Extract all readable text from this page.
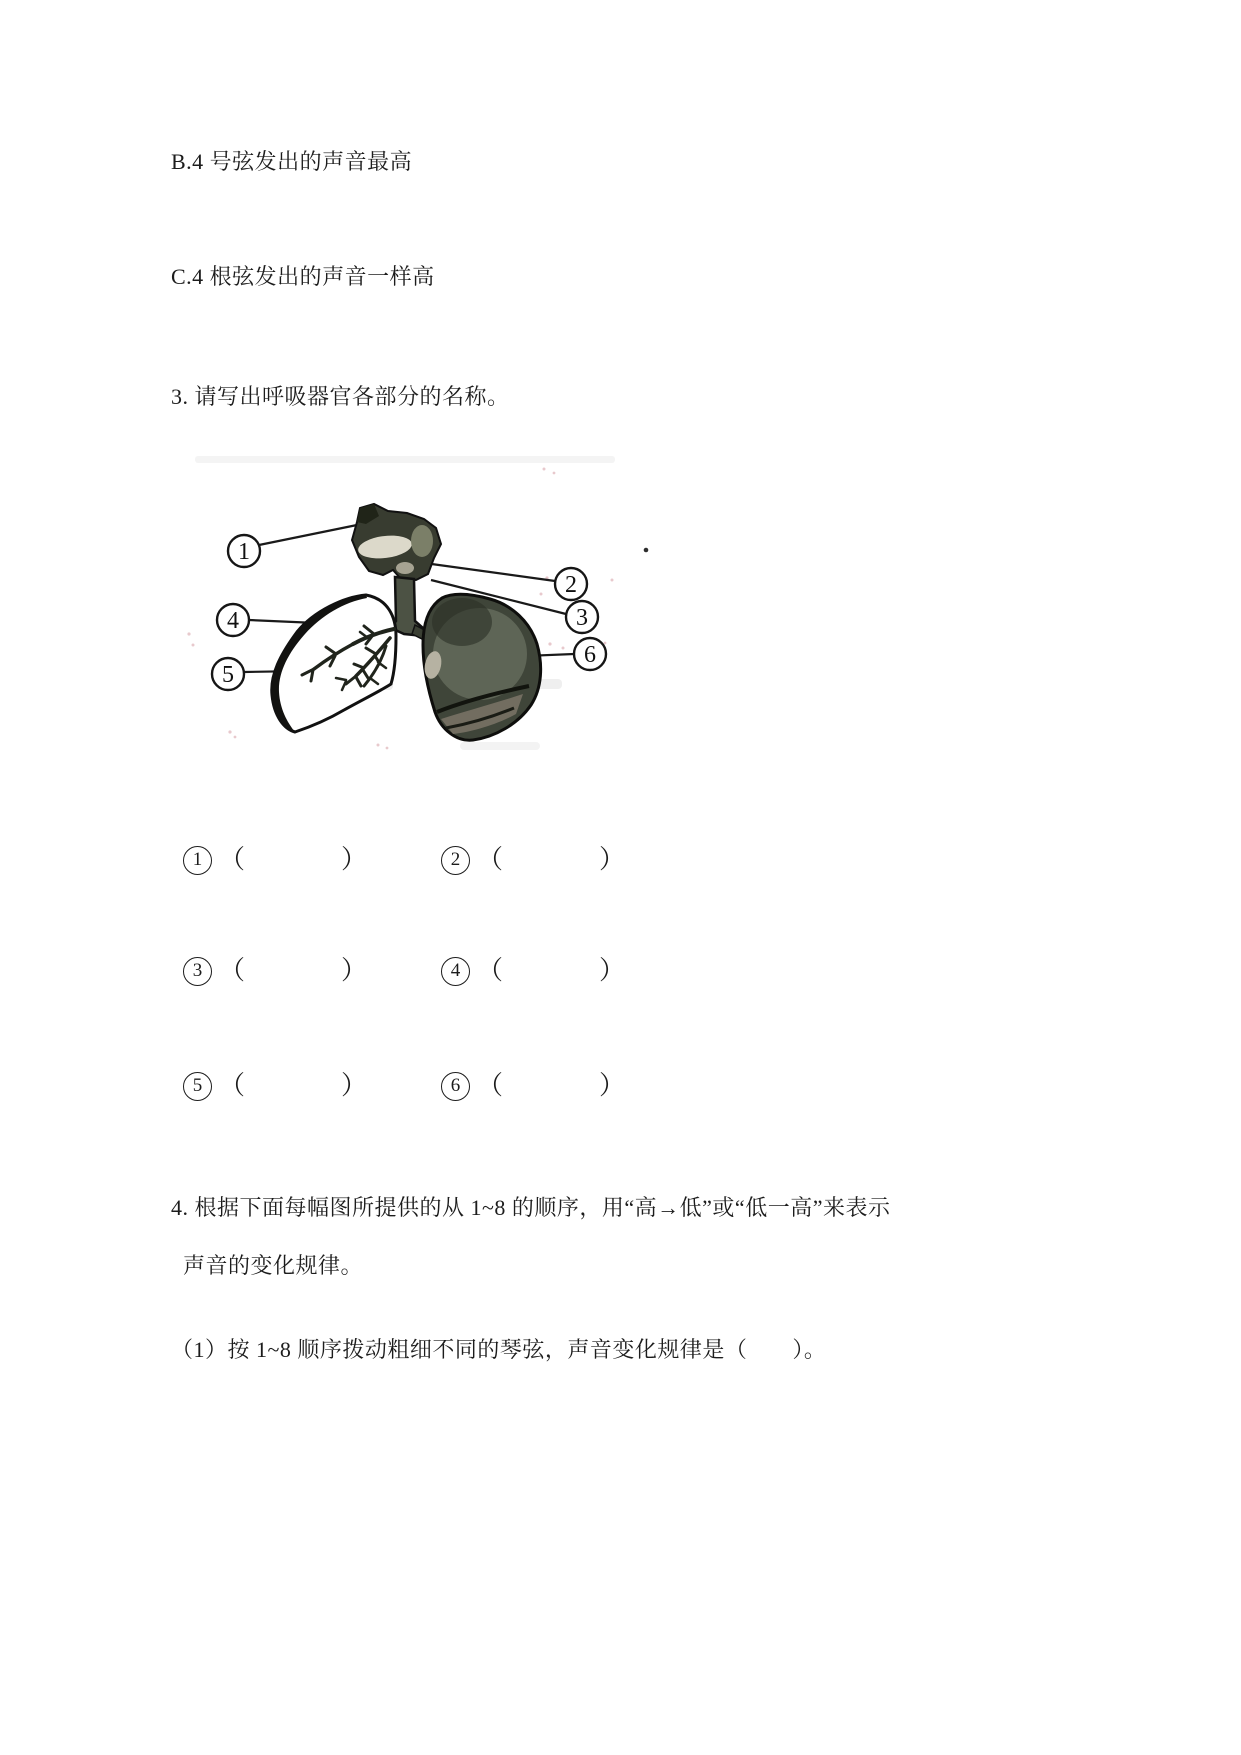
B.4 号弦发出的声音最高
C.4 根弦发出的声音一样高
3. 请写出呼吸器官各部分的名称。
1
2
3
4
5
6
1 （	）	2 （	）
3 （	）	4 （	）
5 （	）	6 （	）
4. 根据下面每幅图所提供的从 1~8 的顺序，用“高→低”或“低一高”来表示
声音的变化规律。
（1）按 1~8 顺序拨动粗细不同的琴弦，声音变化规律是（　　）。
